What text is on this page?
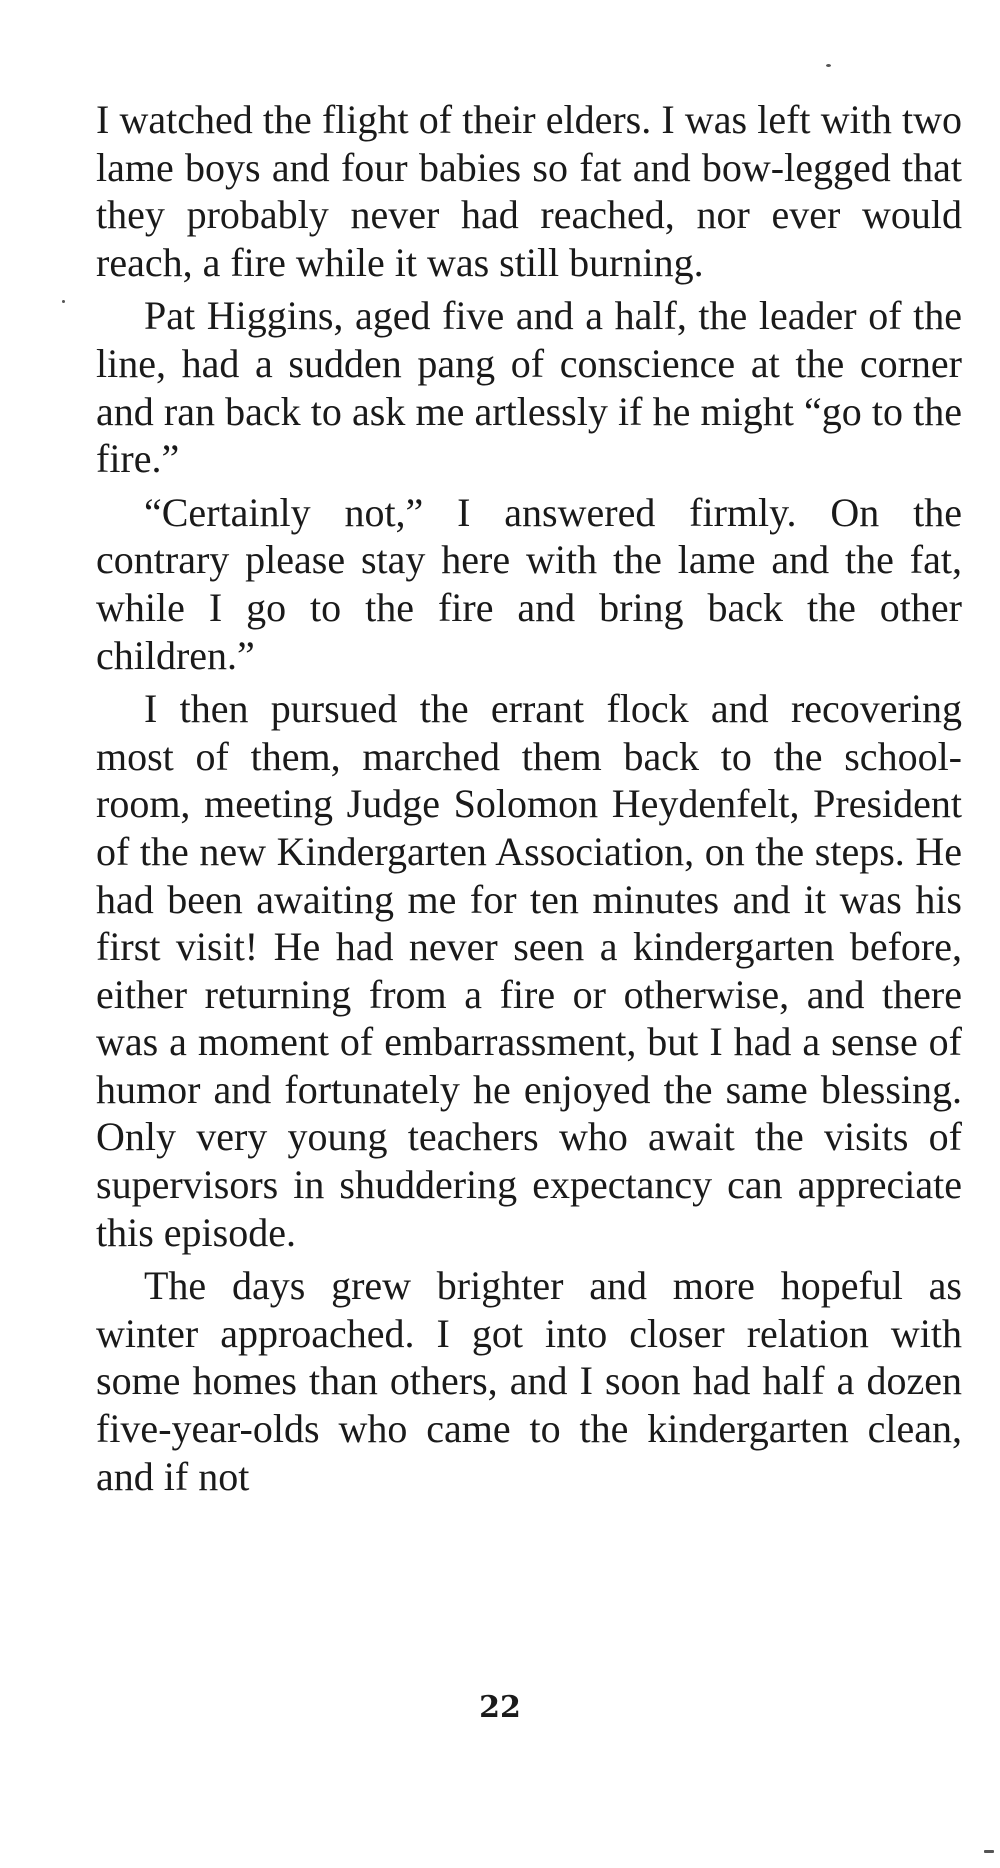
I watched the flight of their elders. I was left with two lame boys and four babies so fat and bow-legged that they probably never had reached, nor ever would reach, a fire while it was still burning.

Pat Higgins, aged five and a half, the leader of the line, had a sudden pang of conscience at the corner and ran back to ask me artlessly if he might “go to the fire.”

“Certainly not,” I answered firmly. On the contrary please stay here with the lame and the fat, while I go to the fire and bring back the other children.”

I then pursued the errant flock and recovering most of them, marched them back to the school-room, meeting Judge Solomon Heydenfelt, President of the new Kindergarten Association, on the steps. He had been awaiting me for ten minutes and it was his first visit! He had never seen a kindergarten before, either returning from a fire or otherwise, and there was a moment of embarrassment, but I had a sense of humor and fortunately he enjoyed the same blessing. Only very young teachers who await the visits of supervisors in shuddering expectancy can appreciate this episode.

The days grew brighter and more hopeful as winter approached. I got into closer relation with some homes than others, and I soon had half a dozen five-year-olds who came to the kindergarten clean, and if not

22
